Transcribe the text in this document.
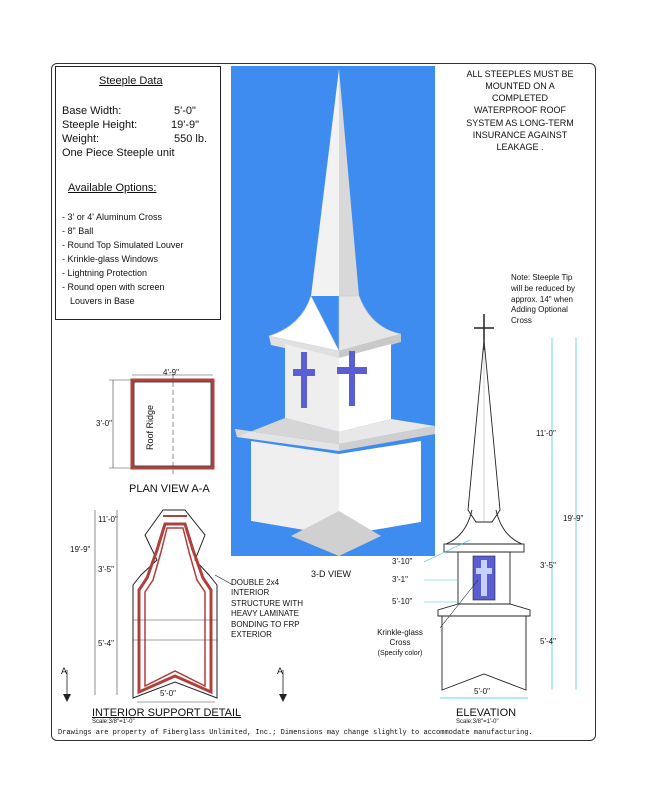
Steeple Data
Base Width:	5'-0"
Steeple Height:	19'-9"
Weight:	550 lb.
One Piece Steeple unit
Available Options:
- 3' or 4' Aluminum Cross
- 8" Ball
- Round Top Simulated Louver
- Krinkle-glass Windows
- Lightning Protection
- Round open with screen
Louvers in Base
3-D VIEW
ALL STEEPLES MUST BE
MOUNTED ON A
COMPLETED
WATERPROOF ROOF
SYSTEM AS LONG-TERM
INSURANCE AGAINST
LEAKAGE .
Note: Steeple Tip
will be reduced by
approx. 14" when
Adding Optional
Cross
4'-9"
3'-0"	Roof Ridge
PLAN VIEW A-A
11'-0"
19'-9"
3'-5"
5'-4"
5'-0"
A	A
DOUBLE 2x4
INTERIOR
STRUCTURE WITH
HEAVY LAMINATE
BONDING TO FRP
EXTERIOR
INTERIOR SUPPORT DETAIL
Scale:3/8"=1'-0"
11'-0"
19'-9"
3'-5"
5'-4"
3'-10"
3'-1"
5'-10"
5'-0"
Krinkle-glass
Cross
(Specify color)
ELEVATION
Scale:3/8"=1'-0"
Drawings are property of Fiberglass Unlimited, Inc.; Dimensions may change slightly to accommodate manufacturing.
